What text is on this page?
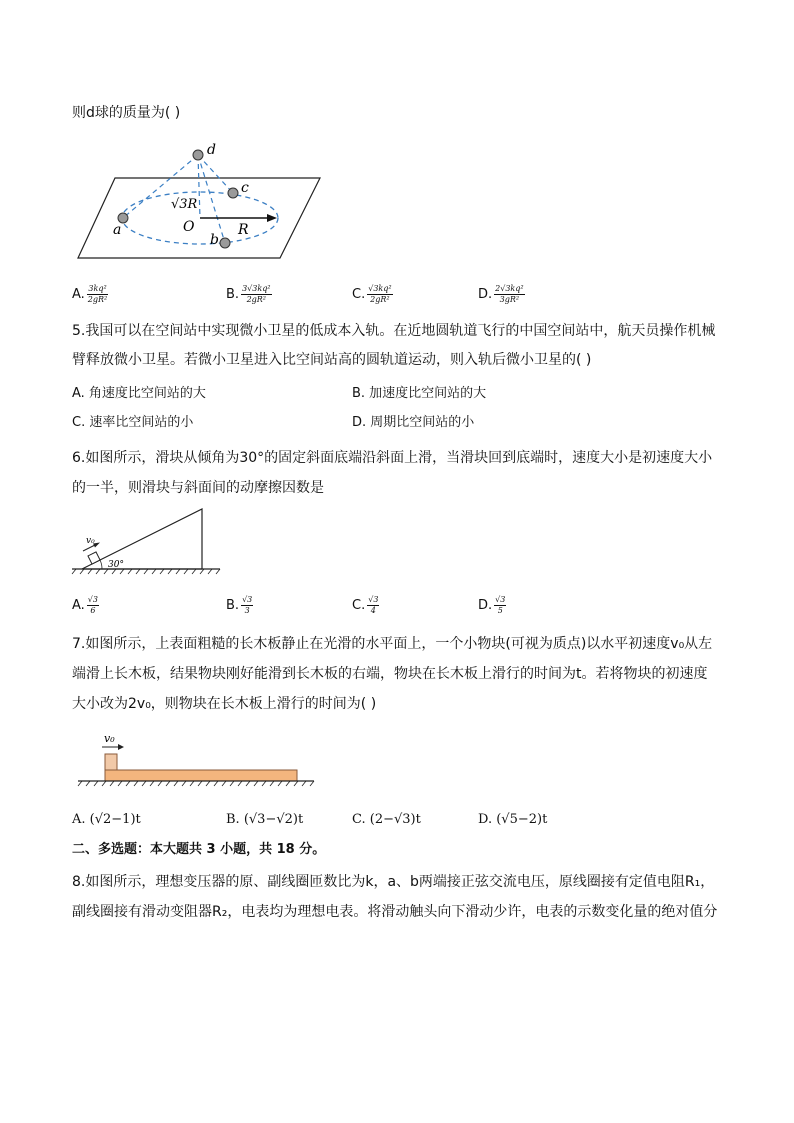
则d球的质量为( )
d
c
a
b
O	R
√3R
A. $\frac{\text{3kq²}}{\text{2gR²}}$	B. $\frac{\text{3√3kq²}}{\text{2gR²}}$	C. $\frac{\text{√3kq²}}{\text{2gR²}}$	D. $\frac{\text{2√3kq²}}{\text{3gR²}}$
5.我国可以在空间站中实现微小卫星的低成本入轨。在近地圆轨道飞行的中国空间站中，航天员操作机械
臂释放微小卫星。若微小卫星进入比空间站高的圆轨道运动，则入轨后微小卫星的( )
A. 角速度比空间站的大	B. 加速度比空间站的大
C. 速率比空间站的小	D. 周期比空间站的小
6.如图所示，滑块从倾角为30°的固定斜面底端沿斜面上滑，当滑块回到底端时，速度大小是初速度大小
的一半，则滑块与斜面间的动摩擦因数是
v₀
30°
A. $\frac{√3}{6}$	B. $\frac{√3}{3}$	C. $\frac{√3}{4}$	D. $\frac{√3}{5}$
7.如图所示，上表面粗糙的长木板静止在光滑的水平面上，一个小物块(可视为质点)以水平初速度v₀从左
端滑上长木板，结果物块刚好能滑到长木板的右端，物块在长木板上滑行的时间为t。若将物块的初速度
大小改为2v₀，则物块在长木板上滑行的时间为( )
v₀
A. (√2−1)t	B. (√3−√2)t	C. (2−√3)t	D. (√5−2)t
二、多选题：本大题共 3 小题，共 18 分。
8.如图所示，理想变压器的原、副线圈匝数比为k，a、b两端接正弦交流电压，原线圈接有定值电阻R₁，
副线圈接有滑动变阻器R₂，电表均为理想电表。将滑动触头向下滑动少许，电表的示数变化量的绝对值分
